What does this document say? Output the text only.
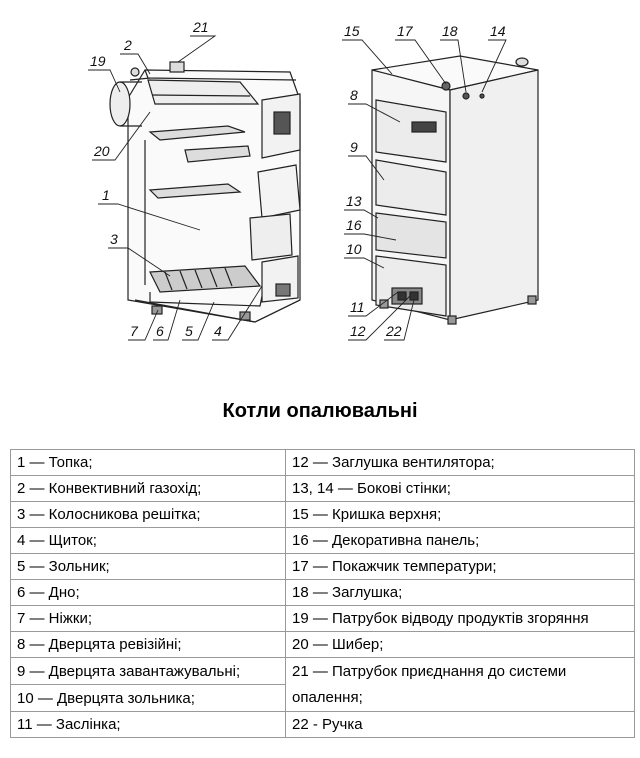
21
2
19
20
1
3
7 6 5 4
15	17 18 14
8
9
13
16
10
11
12 22
Котли опалювальні
1 — Топка;	12 — Заглушка вентилятора;
2 — Конвективний газохід;	13, 14 — Бокові стінки;
3 — Колосникова решітка;	15 — Кришка верхня;
4 — Щиток;	16 — Декоративна панель;
5 — Зольник;	17 — Покажчик температури;
6 — Дно;	18 — Заглушка;
7 — Ніжки;	19 — Патрубок відводу продуктів згоряння
8 — Дверцята ревізійні;	20 — Шибер;
9 — Дверцята завантажувальні;	21 — Патрубок приєднання до системи
опалення;

10 — Дверцята зольника;	
11 — Заслінка;	22 - Ручка
